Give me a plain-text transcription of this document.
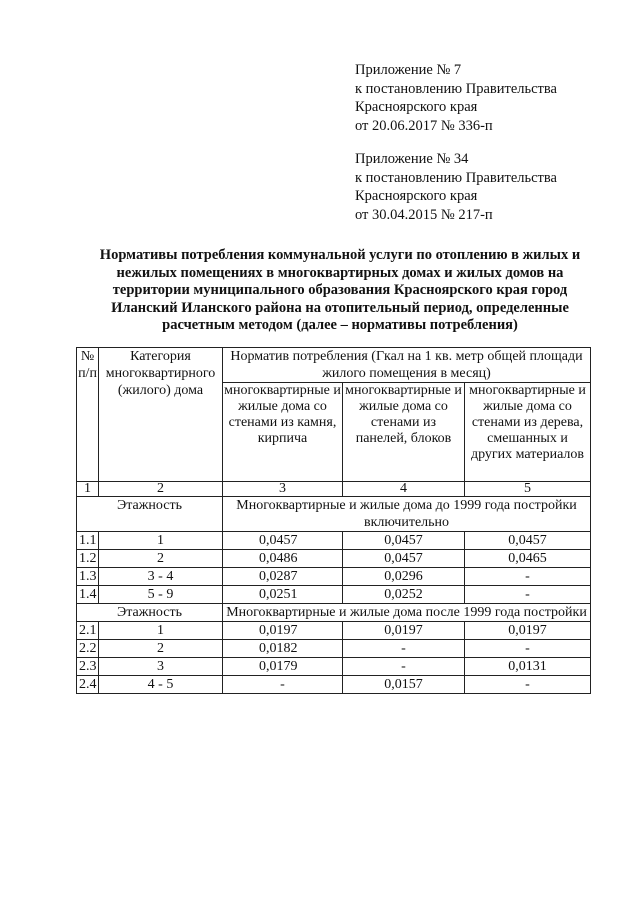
Приложение № 7
к постановлению Правительства
Красноярского края
от 20.06.2017 № 336-п
Приложение № 34
к постановлению Правительства
Красноярского края
от 30.04.2015 № 217-п
Нормативы потребления коммунальной услуги по отоплению в жилых и
нежилых помещениях в многоквартирных домах и жилых домов на
территории муниципального образования Красноярского края город
Иланский Иланского района на отопительный период, определенные
расчетным методом (далее – нормативы потребления)
№ п/п	Категория многоквартирного (жилого) дома	Норматив потребления (Гкал на 1 кв. метр общей площади жилого помещения в месяц)		
		многоквартирные и жилые дома со стенами из камня, кирпича	многоквартирные и жилые дома со стенами из панелей, блоков	многоквартирные и жилые дома со стенами из дерева, смешанных и других материалов
1	2	3	4	5
Этажность		Многоквартирные и жилые дома до 1999 года постройки включительно		
1.1	1	0,0457	0,0457	0,0457
1.2	2	0,0486	0,0457	0,0465
1.3	3 - 4	0,0287	0,0296	-
1.4	5 - 9	0,0251	0,0252	-
Этажность		Многоквартирные и жилые дома после 1999 года постройки		
2.1	1	0,0197	0,0197	0,0197
2.2	2	0,0182	-	-
2.3	3	0,0179	-	0,0131
2.4	4 - 5	-	0,0157	-
